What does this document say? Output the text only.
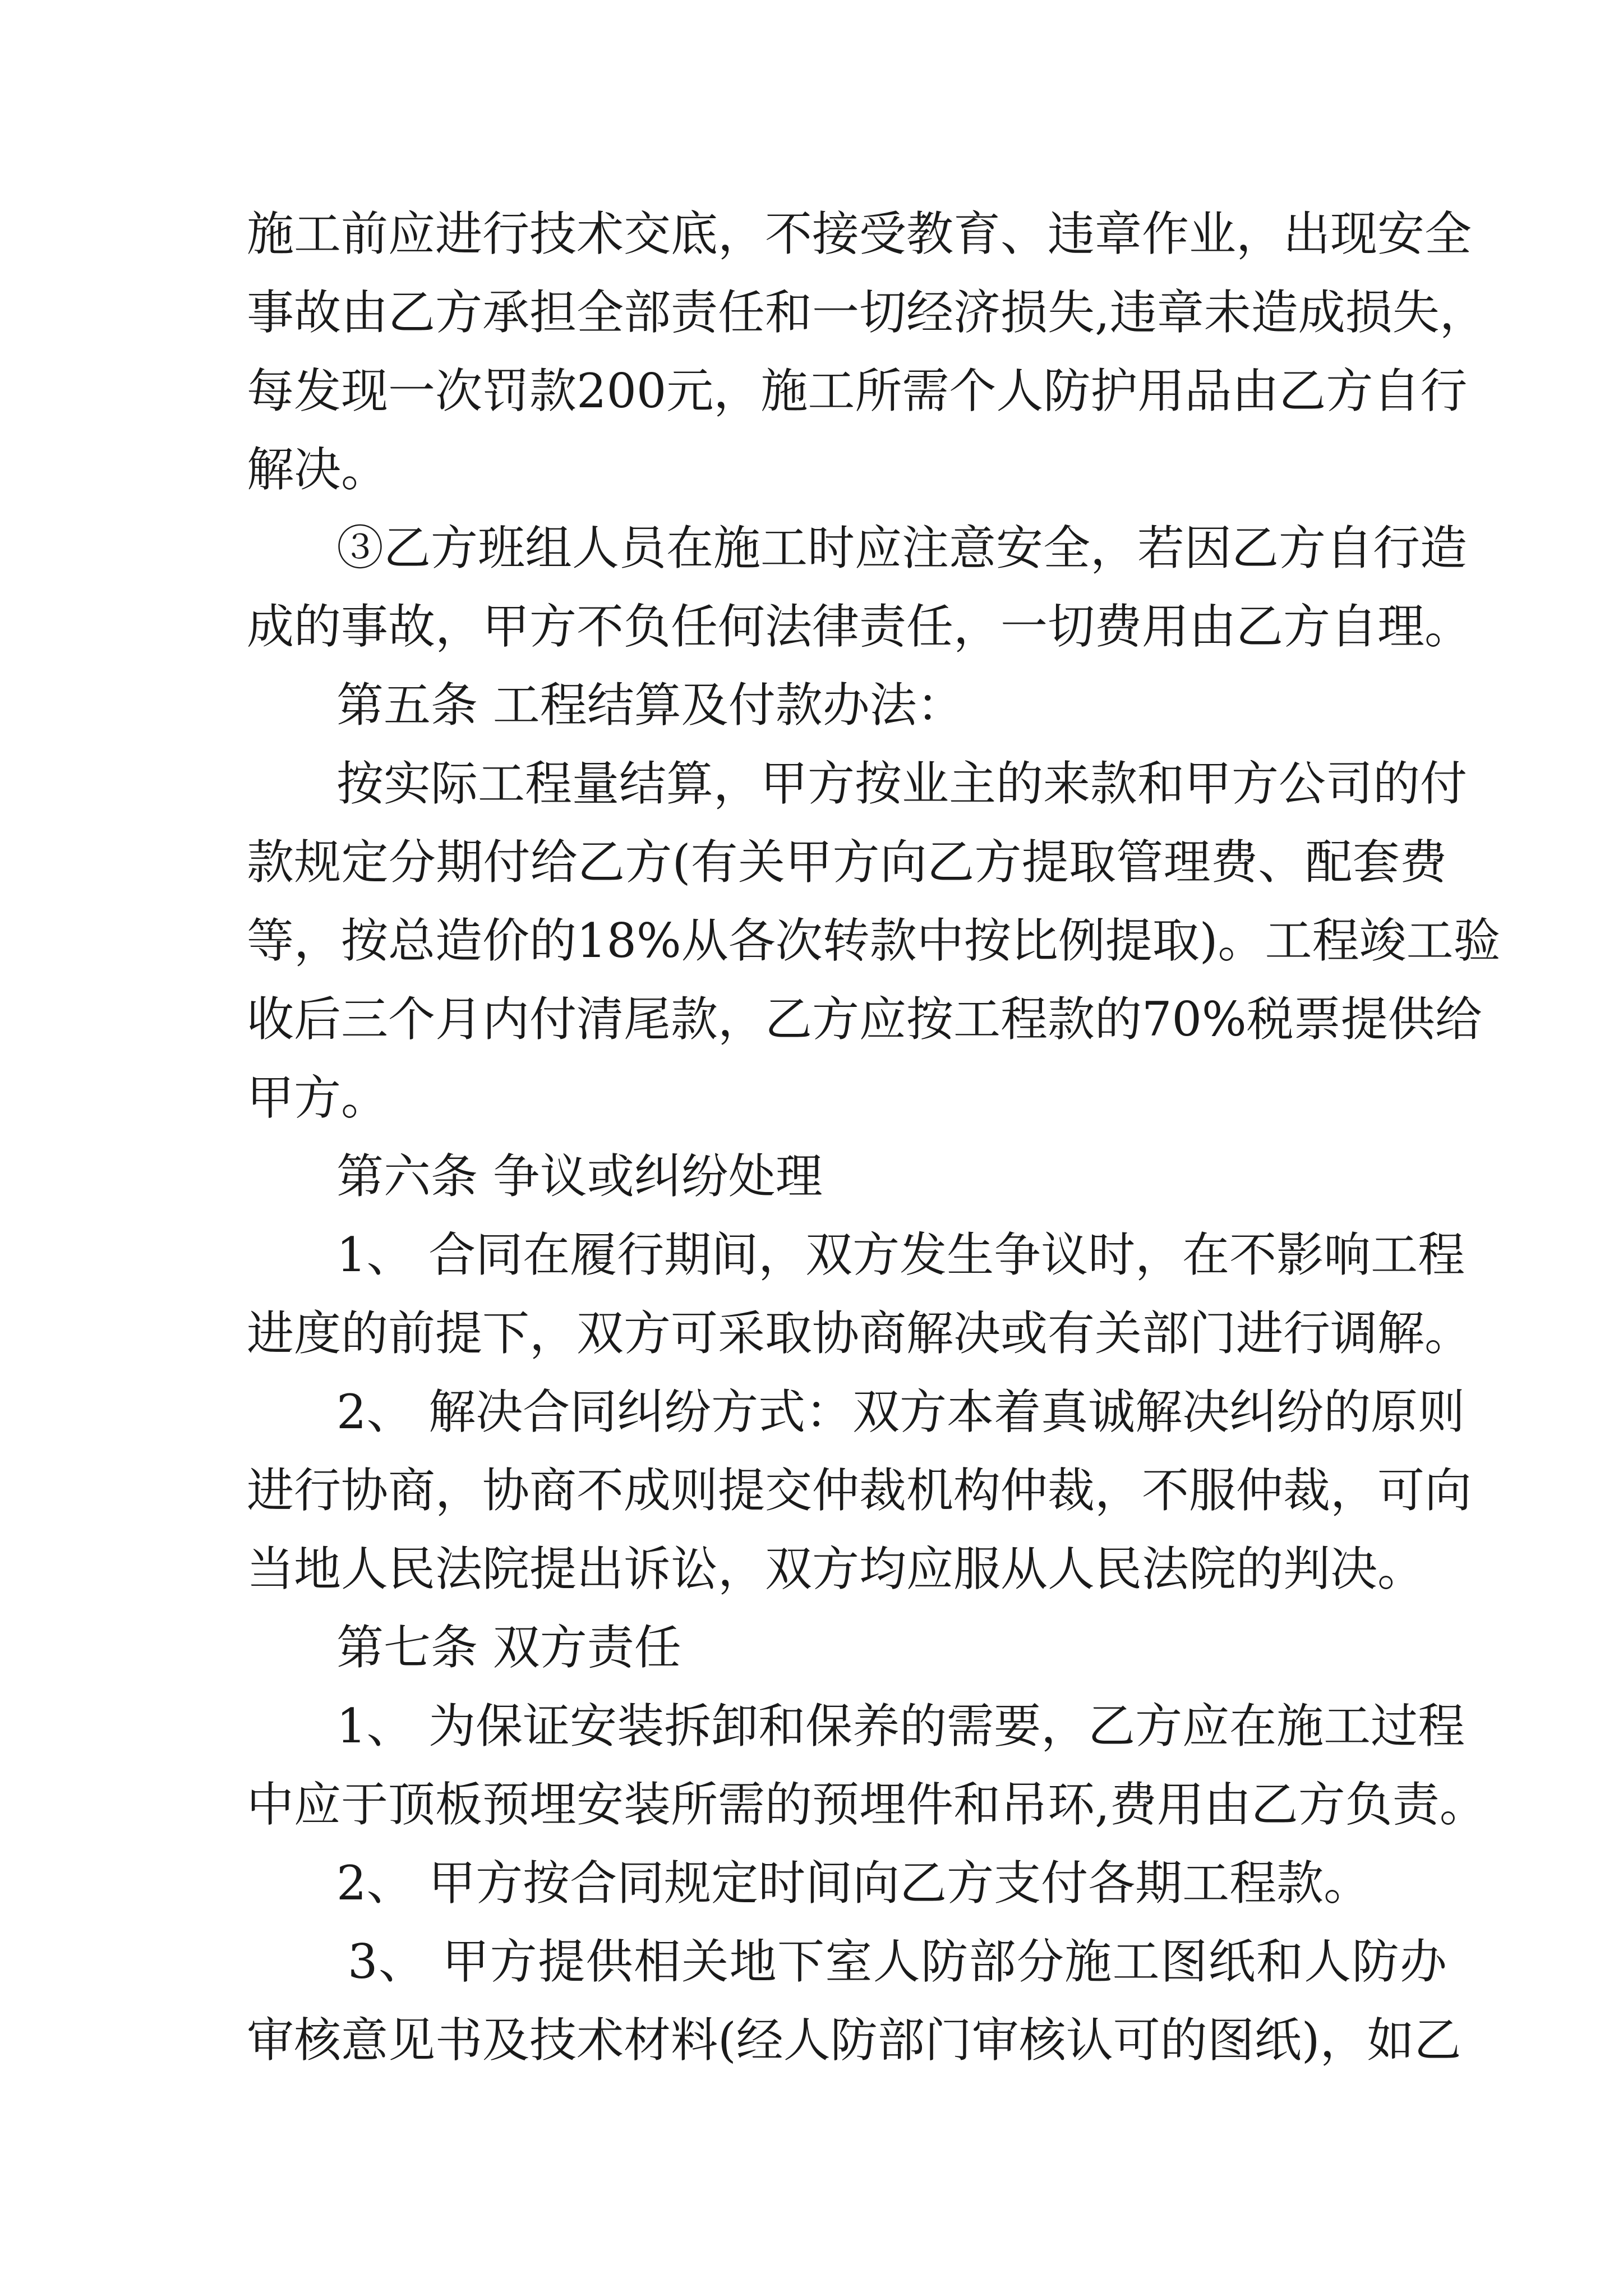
施工前应进行技术交底，不接受教育、违章作业，出现安全
事故由乙方承担全部责任和一切经济损失,违章未造成损失，
每发现一次罚款200元，施工所需个人防护用品由乙方自行
解决。
③乙方班组人员在施工时应注意安全，若因乙方自行造
成的事故，甲方不负任何法律责任，一切费用由乙方自理。
第五条 工程结算及付款办法：
按实际工程量结算，甲方按业主的来款和甲方公司的付
款规定分期付给乙方(有关甲方向乙方提取管理费、配套费
等，按总造价的18%从各次转款中按比例提取)。工程竣工验
收后三个月内付清尾款，乙方应按工程款的70%税票提供给
甲方。
第六条 争议或纠纷处理
1、 合同在履行期间，双方发生争议时，在不影响工程
进度的前提下，双方可采取协商解决或有关部门进行调解。
2、 解决合同纠纷方式：双方本着真诚解决纠纷的原则
进行协商，协商不成则提交仲裁机构仲裁，不服仲裁，可向
当地人民法院提出诉讼，双方均应服从人民法院的判决。
第七条 双方责任
1、 为保证安装拆卸和保养的需要，乙方应在施工过程
中应于顶板预埋安装所需的预埋件和吊环,费用由乙方负责。
2、 甲方按合同规定时间向乙方支付各期工程款。
3、 甲方提供相关地下室人防部分施工图纸和人防办
审核意见书及技术材料(经人防部门审核认可的图纸)，如乙
